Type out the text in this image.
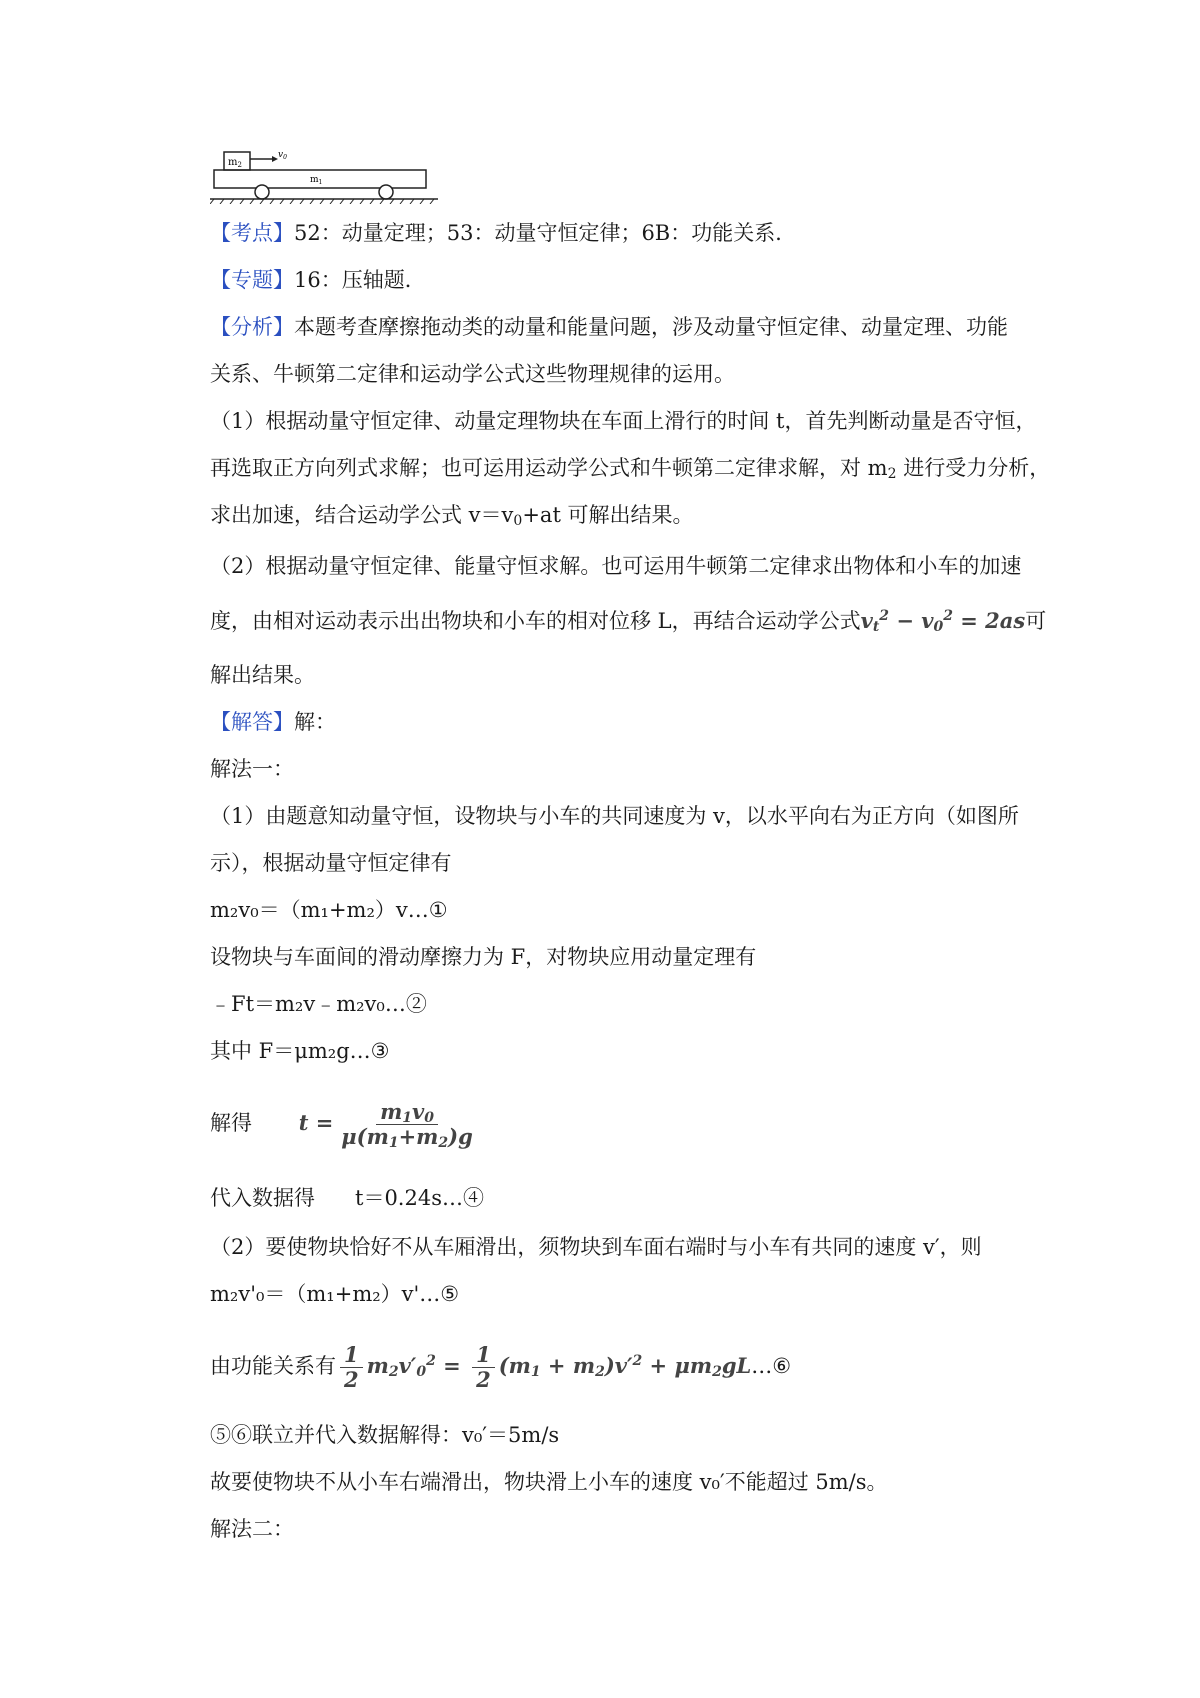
$m_2$
$v_0$
$m_1$
【考点】52：动量定理；53：动量守恒定律；6B：功能关系．
【专题】16：压轴题．
【分析】本题考查摩擦拖动类的动量和能量问题，涉及动量守恒定律、动量定理、功能
关系、牛顿第二定律和运动学公式这些物理规律的运用。
（1）根据动量守恒定律、动量定理物块在车面上滑行的时间 t，首先判断动量是否守恒，
再选取正方向列式求解；也可运用运动学公式和牛顿第二定律求解，对 $m_2$ 进行受力分析，
求出加速，结合运动学公式 $v=v_0+at$ 可解出结果。
（2）根据动量守恒定律、能量守恒求解。也可运用牛顿第二定律求出物体和小车的加速
度，由相对运动表示出出物块和小车的相对位移 L，再结合运动学公式$v_t^2 - v_0^2 = 2as$可
解出结果。
【解答】解：
解法一：
（1）由题意知动量守恒，设物块与小车的共同速度为 v，以水平向右为正方向（如图所
示），根据动量守恒定律有
m₂v₀＝（m₁+m₂）v…①
设物块与车面间的滑动摩擦力为 F，对物块应用动量定理有
﹣Ft＝m₂v﹣m₂v₀…②
其中 F＝μm₂g…③
解得 $t = \frac{m_1v_0}{\mu(m_1+m_2)g}$
代入数据得 t＝0.24s…④
（2）要使物块恰好不从车厢滑出，须物块到车面右端时与小车有共同的速度 v′，则
m₂v'₀＝（m₁+m₂）v'…⑤
由功能关系有 $\frac{1}{2} m_2v'_0^2 = \frac{1}{2} (m_1 + m_2)v'^2$ + $\mu m_2gL\dots ⑥$
⑤⑥联立并代入数据解得：v₀′＝5m/s
故要使物块不从小车右端滑出，物块滑上小车的速度 v₀′不能超过 5m/s。
解法二：
